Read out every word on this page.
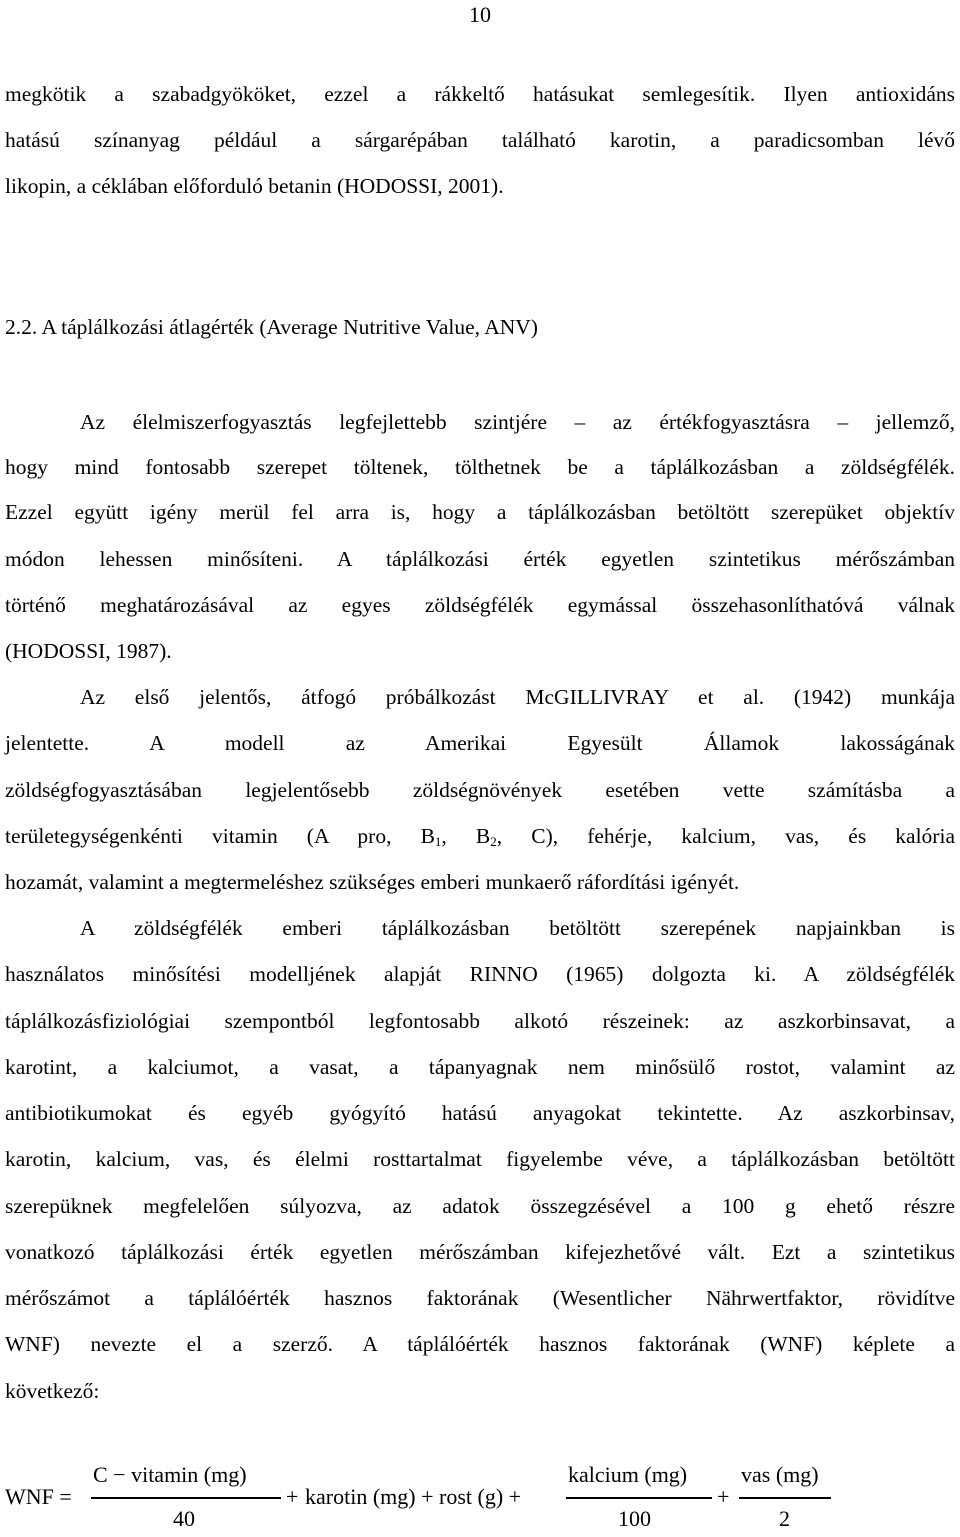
10
megkötik a szabadgyököket, ezzel a rákkeltő hatásukat semlegesítik. Ilyen antioxidáns
hatású színanyag például a sárgarépában található karotin, a paradicsomban lévő
likopin, a céklában előforduló betanin (HODOSSI, 2001).
2.2. A táplálkozási átlagérték (Average Nutritive Value, ANV)
Az élelmiszerfogyasztás legfejlettebb szintjére – az értékfogyasztásra – jellemző,
hogy mind fontosabb szerepet töltenek, tölthetnek be a táplálkozásban a zöldségfélék.
Ezzel együtt igény merül fel arra is, hogy a táplálkozásban betöltött szerepüket objektív
módon lehessen minősíteni. A táplálkozási érték egyetlen szintetikus mérőszámban
történő meghatározásával az egyes zöldségfélék egymással összehasonlíthatóvá válnak
(HODOSSI, 1987).
Az első jelentős, átfogó próbálkozást McGILLIVRAY et al. (1942) munkája
jelentette. A modell az Amerikai Egyesült Államok lakosságának
zöldségfogyasztásában legjelentősebb zöldségnövények esetében vette számításba a
területegységenkénti vitamin (A pro, $B_1$, $B_2$, C), fehérje, kalcium, vas, és kalória
hozamát, valamint a megtermeléshez szükséges emberi munkaerő ráfordítási igényét.
A zöldségfélék emberi táplálkozásban betöltött szerepének napjainkban is
használatos minősítési modelljének alapját RINNO (1965) dolgozta ki. A zöldségfélék
táplálkozásfiziológiai szempontból legfontosabb alkotó részeinek: az aszkorbinsavat, a
karotint, a kalciumot, a vasat, a tápanyagnak nem minősülő rostot, valamint az
antibiotikumokat és egyéb gyógyító hatású anyagokat tekintette. Az aszkorbinsav,
karotin, kalcium, vas, és élelmi rosttartalmat figyelembe véve, a táplálkozásban betöltött
szerepüknek megfelelően súlyozva, az adatok összegzésével a 100 g ehető részre
vonatkozó táplálkozási érték egyetlen mérőszámban kifejezhetővé vált. Ezt a szintetikus
mérőszámot a táplálóérték hasznos faktorának (Wesentlicher Nährwertfaktor, rövidítve
WNF) nevezte el a szerző. A táplálóérték hasznos faktorának (WNF) képlete a
következő:
WNF =
C − vitamin (mg)
40
+ karotin (mg) + rost (g) +
kalcium (mg)
100
+
vas (mg)
2
